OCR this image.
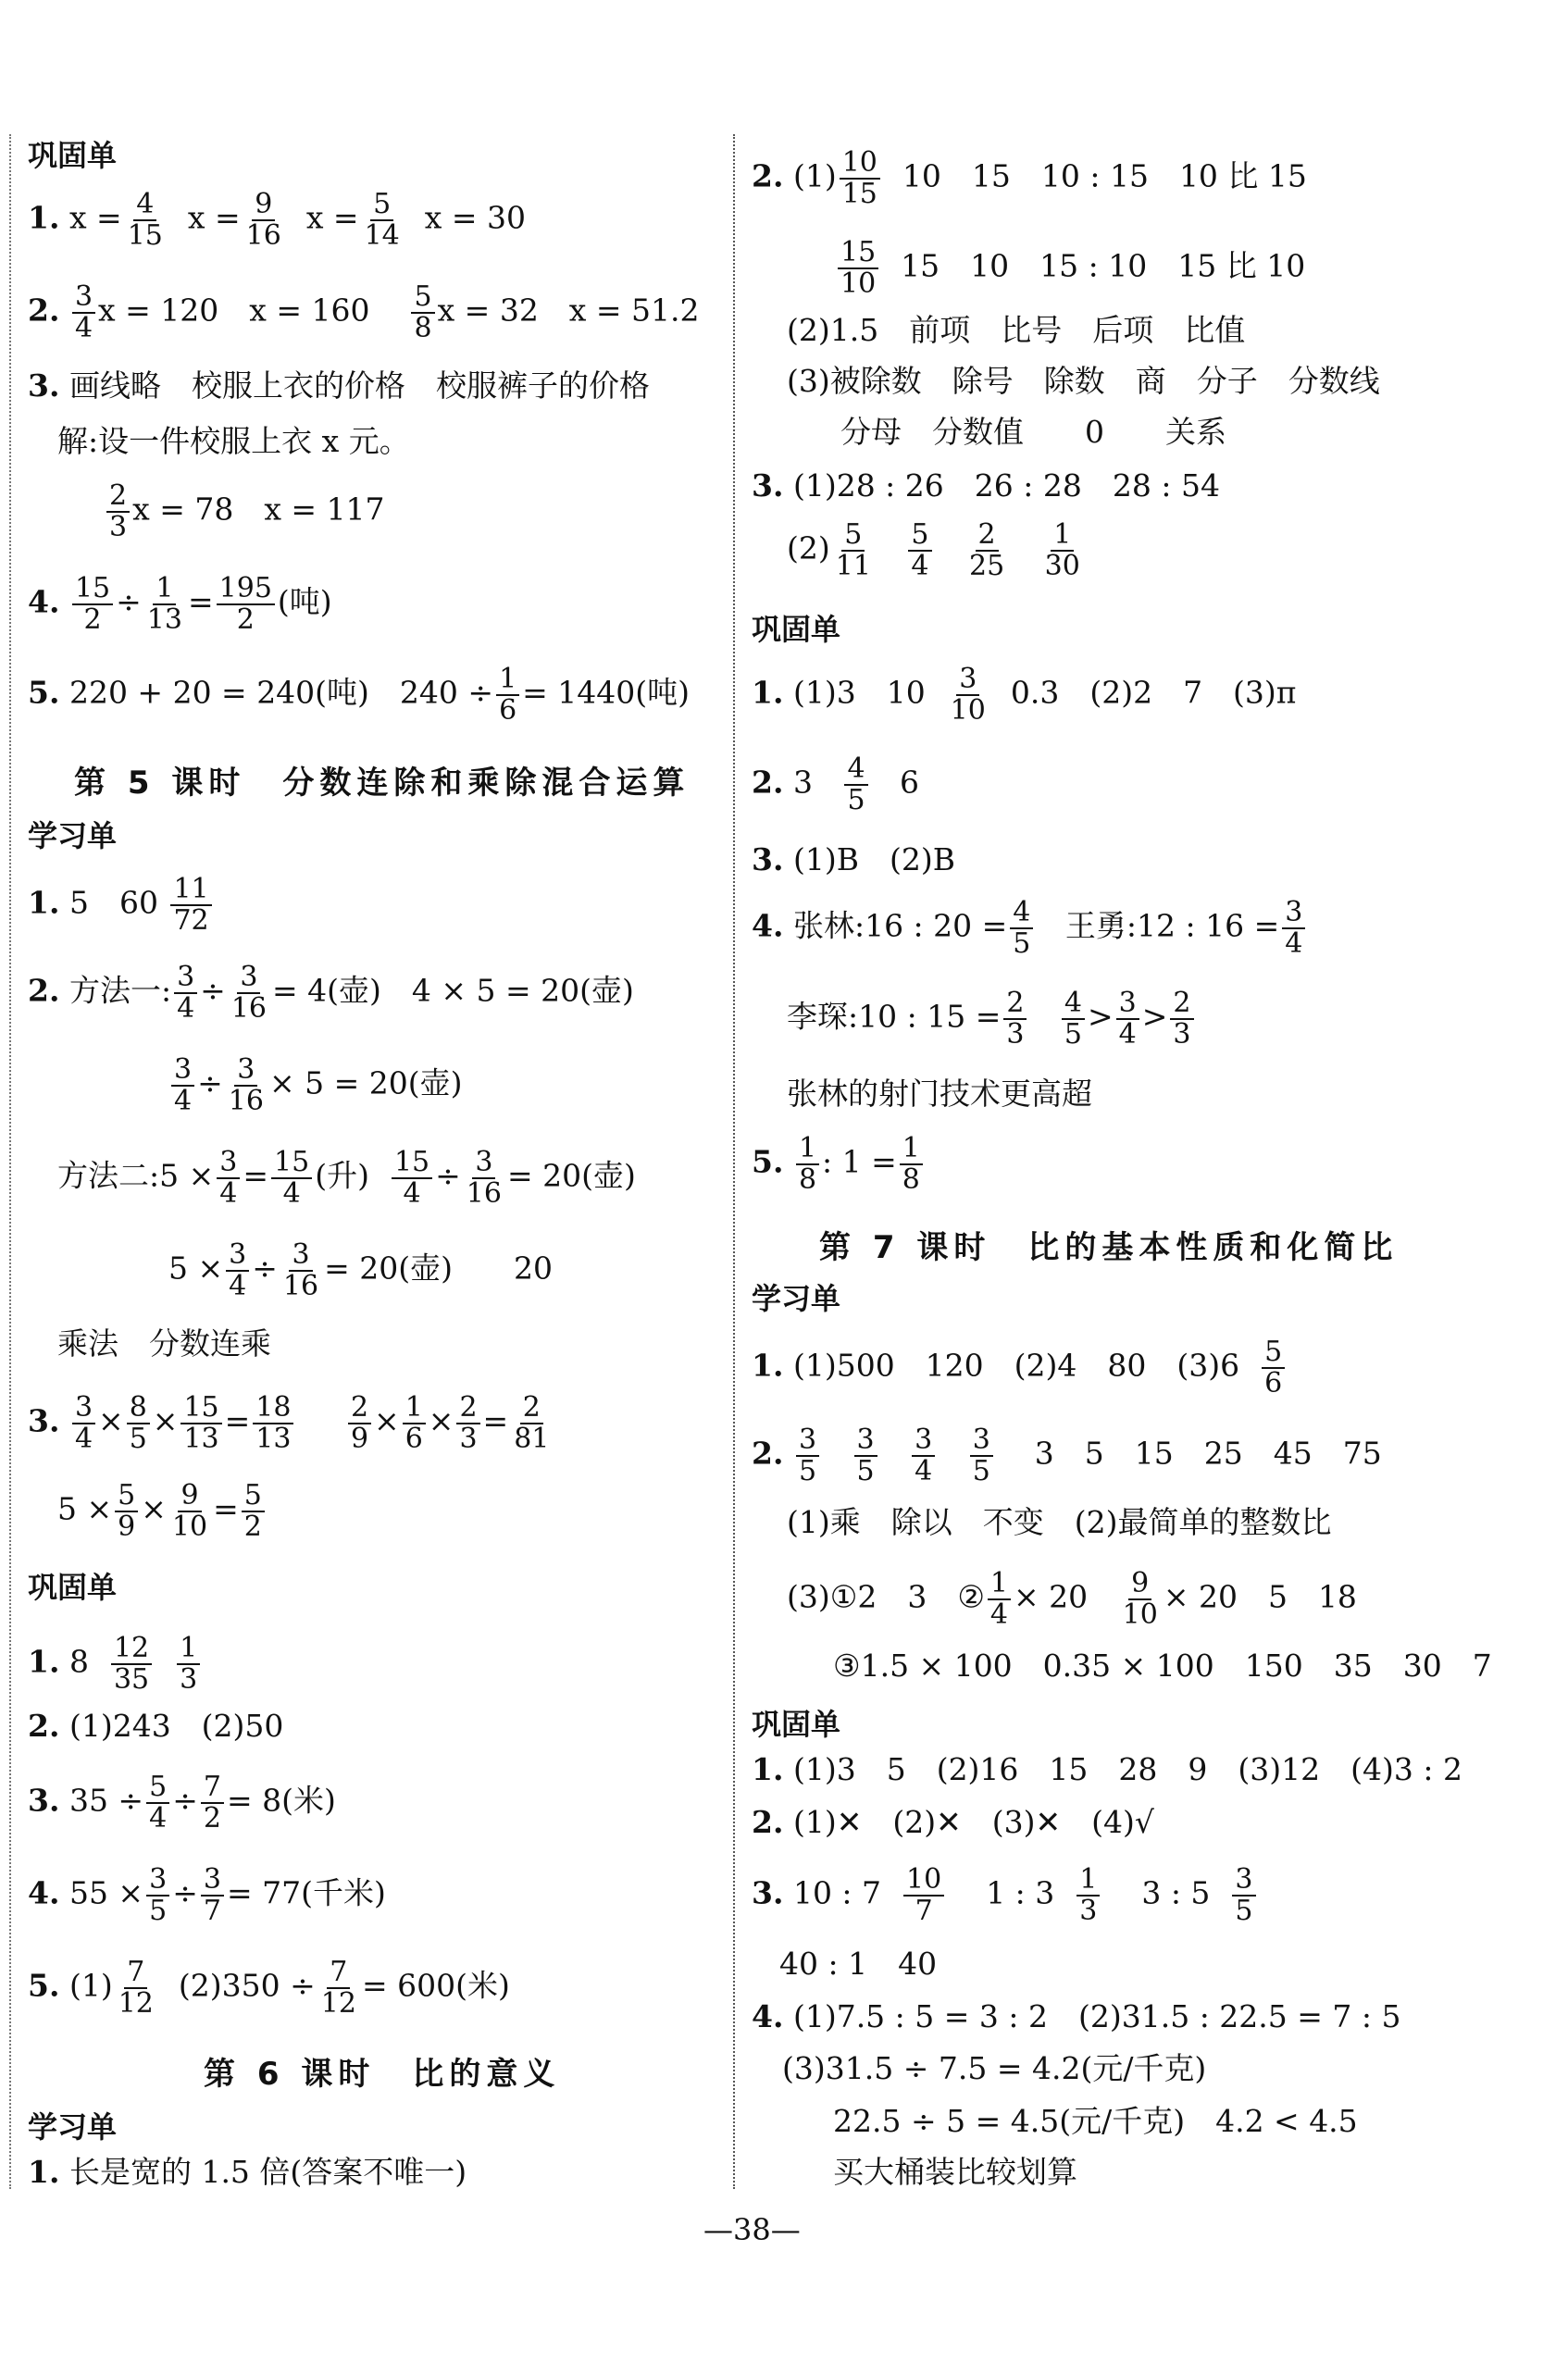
巩固单
1. $x = \frac{4}{15}$ $x = \frac{9}{16}$ $x = \frac{5}{14}$ x = 30
2. $\frac{3}{4}$ x = 120　$x = 160 \frac{5}{8}$ x = 32　x = 51.2
3. 画线略　校服上衣的价格　校服裤子的价格
解:设一件校服上衣 x 元。
$\frac{2}{3}$ x = 78　x = 117
4. $\frac{15}{2} \div \frac{1}{13} = \frac{195}{2}$ (吨)
5. 220 + 20 = 240(吨)　$240 \div \frac{1}{6} = 1440$(吨)
第 5 课时　分数连除和乘除混合运算
学习单
1. 5　$60 \frac{11}{72}$
2. 方法一: $\frac{3}{4} \div \frac{3}{16} = 4$(壶)　4 × 5 = 20(壶)
$\frac{3}{4} \div \frac{3}{16} \times 5 = 20$(壶)
方法二:5 × $\frac{3}{4} = \frac{15}{4}$ (升) $\frac{15}{4} \div \frac{3}{16} = 20$(壶)
$5 \times \frac{3}{4} \div \frac{3}{16} = 20$(壶)　　20
乘法　分数连乘
3. $\frac{3}{4} \times \frac{8}{5} \times \frac{15}{13} = \frac{18}{13}$
$\frac{2}{9} \times \frac{1}{6} \times \frac{2}{3} = \frac{2}{81}$
$5 \times \frac{5}{9} \times \frac{9}{10} = \frac{5}{2}$
巩固单
1. $8 \frac{12}{35}$
$\frac{1}{3}$
2. (1)243　(2)50
3. $35 \div \frac{5}{4} \div \frac{7}{2} = 8$(米)
4. $55 \times \frac{3}{5} \div \frac{3}{7} = 77$(千米)
5. $(1) \frac{7}{12} (2)350 \div \frac{7}{12} = 600$(米)
第 6 课时　比的意义
学习单
1. 长是宽的 1.5 倍(答案不唯一)
2. $(1) \frac{10}{15} 10$　15　10 : 15　10 比 15
$\frac{15}{10} 15$　10　15 : 10　15 比 10
(2)1.5　前项　比号　后项　比值
(3)被除数　除号　除数　商　分子　分数线
分母　分数值　　0　　关系
3. (1)28 : 26　26 : 28　28 : 54
$(2) \frac{5}{11}$
$\frac{5}{4}$
$\frac{2}{25}$
$\frac{1}{30}$
巩固单
1. (1)3　$10 \frac{3}{10} 0.3$　(2)2　7　(3)π
2. $3 \frac{4}{5} 6$
3. (1)B　(2)B
4. 张林:16 : $20 = \frac{4}{5}$ 王勇:12 : $16 = \frac{3}{4}$
李琛:10 : $15 = \frac{2}{3}$
$\frac{4}{5} > \frac{3}{4} > \frac{2}{3}$
张林的射门技术更高超
5. $\frac{1}{8}$ : $1 = \frac{1}{8}$
第 7 课时　比的基本性质和化简比
学习单
1. (1)500　120　(2)4　80　$(3)6 \frac{5}{6}$
2. $\frac{3}{5}$
$\frac{3}{5}$
$\frac{3}{4}$
$\frac{3}{5} 3$　5　15　25　45　75
(1)乘　除以　不变　(2)最简单的整数比
(3)①2　3　② $\frac{1}{4} \times 20 \frac{9}{10} \times 20$　5　18
③1.5 × 100　0.35 × 100　150　35　30　7
巩固单
1. (1)3　5　(2)16　15　28　9　(3)12　(4)3 : 2
2. (1)✕　(2)✕　(3)✕　(4)√
3. 10 : $7 \frac{10}{7} 1$ : $3 \frac{1}{3} 3$ : $5 \frac{3}{5}$
40 : 1　40
4. (1)7.5 : 5 = 3 : 2　(2)31.5 : 22.5 = 7 : 5
(3)31.5 ÷ 7.5 = 4.2(元/千克)
22.5 ÷ 5 = 4.5(元/千克)　4.2 < 4.5
买大桶装比较划算
—38—
